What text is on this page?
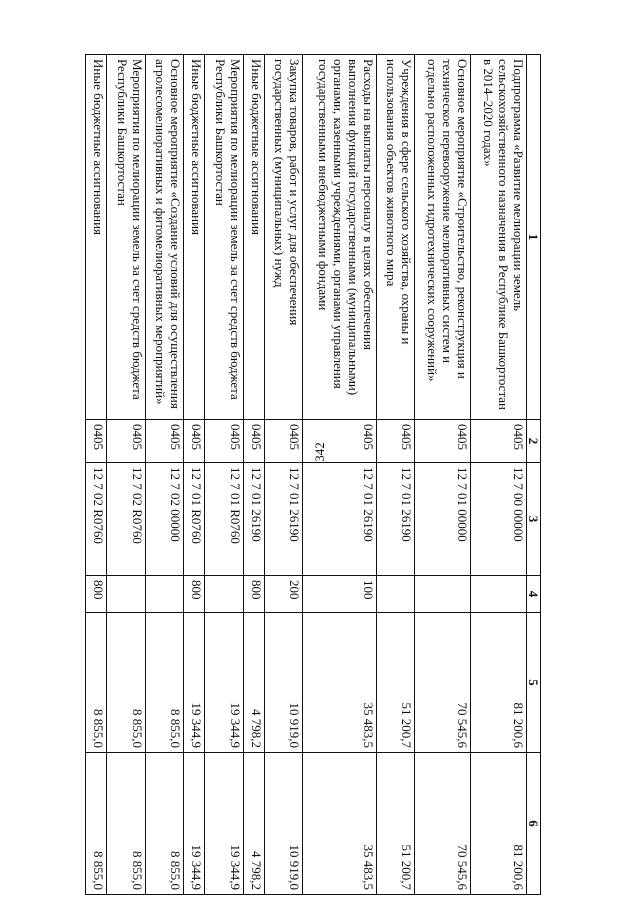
342
1	2	3	4	5	6
Подпрограмма «Развитие мелиорации земель сельскохозяйственного назначения в Республике Башкортостан в 2014–2020 годах»	0405	12 7 00 00000		81 200,6	81 200,6
Основное мероприятие «Строительство, реконструкция и техническое перевооружение мелиоративных систем и отдельно расположенных гидротехнических сооружений»	0405	12 7 01 00000		70 545,6	70 545,6
Учреждения в сфере сельского хозяйства, охраны и использования объектов животного мира	0405	12 7 01 26190		51 200,7	51 200,7
Расходы на выплаты персоналу в целях обеспечения выполнения функций государственными (муниципальными) органами, казенными учреждениями, органами управления государственными внебюджетными фондами	0405	12 7 01 26190	100	35 483,5	35 483,5
Закупка товаров, работ и услуг для обеспечения государственных (муниципальных) нужд	0405	12 7 01 26190	200	10 919,0	10 919,0
Иные бюджетные ассигнования	0405	12 7 01 26190	800	4 798,2	4 798,2
Мероприятия по мелиорации земель за счет средств бюджета Республики Башкортостан	0405	12 7 01 R0760		19 344,9	19 344,9
Иные бюджетные ассигнования	0405	12 7 01 R0760	800	19 344,9	19 344,9
Основное мероприятие «Создание условий для осуществления агролесомелиоративных и фитомелиоративных мероприятий»	0405	12 7 02 00000		8 855,0	8 855,0
Мероприятия по мелиорации земель за счет средств бюджета Республики Башкортостан	0405	12 7 02 R0760		8 855,0	8 855,0
Иные бюджетные ассигнования	0405	12 7 02 R0760	800	8 855,0	8 855,0
